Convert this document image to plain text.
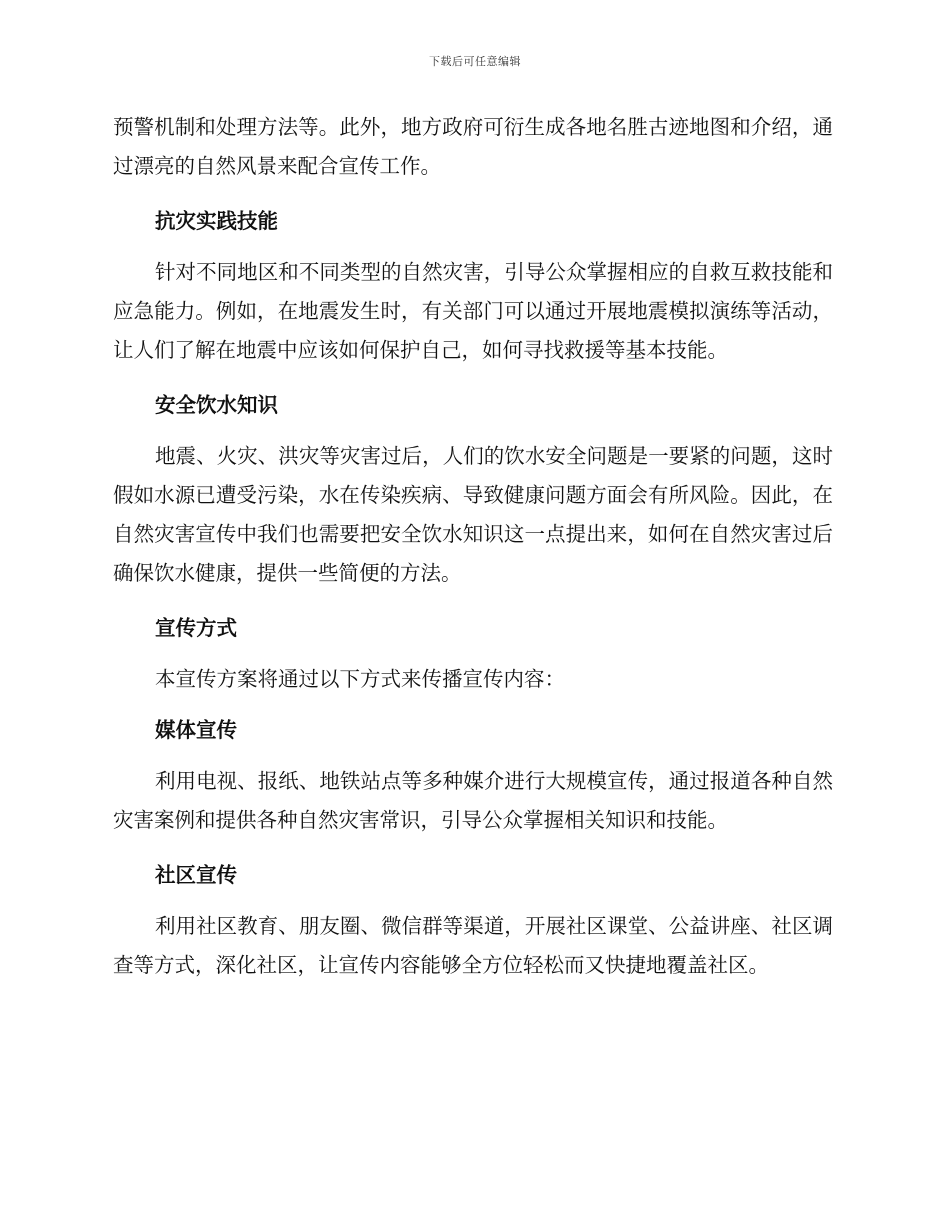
下载后可任意编辑

预警机制和处理方法等。此外，地方政府可衍生成各地名胜古迹地图和介绍，通过漂亮的自然风景来配合宣传工作。

抗灾实践技能

针对不同地区和不同类型的自然灾害，引导公众掌握相应的自救互救技能和应急能力。例如，在地震发生时，有关部门可以通过开展地震模拟演练等活动，让人们了解在地震中应该如何保护自己，如何寻找救援等基本技能。

安全饮水知识

地震、火灾、洪灾等灾害过后，人们的饮水安全问题是一要紧的问题，这时假如水源已遭受污染，水在传染疾病、导致健康问题方面会有所风险。因此，在自然灾害宣传中我们也需要把安全饮水知识这一点提出来，如何在自然灾害过后确保饮水健康，提供一些简便的方法。

宣传方式

本宣传方案将通过以下方式来传播宣传内容：

媒体宣传

利用电视、报纸、地铁站点等多种媒介进行大规模宣传，通过报道各种自然灾害案例和提供各种自然灾害常识，引导公众掌握相关知识和技能。

社区宣传

利用社区教育、朋友圈、微信群等渠道，开展社区课堂、公益讲座、社区调查等方式，深化社区，让宣传内容能够全方位轻松而又快捷地覆盖社区。
